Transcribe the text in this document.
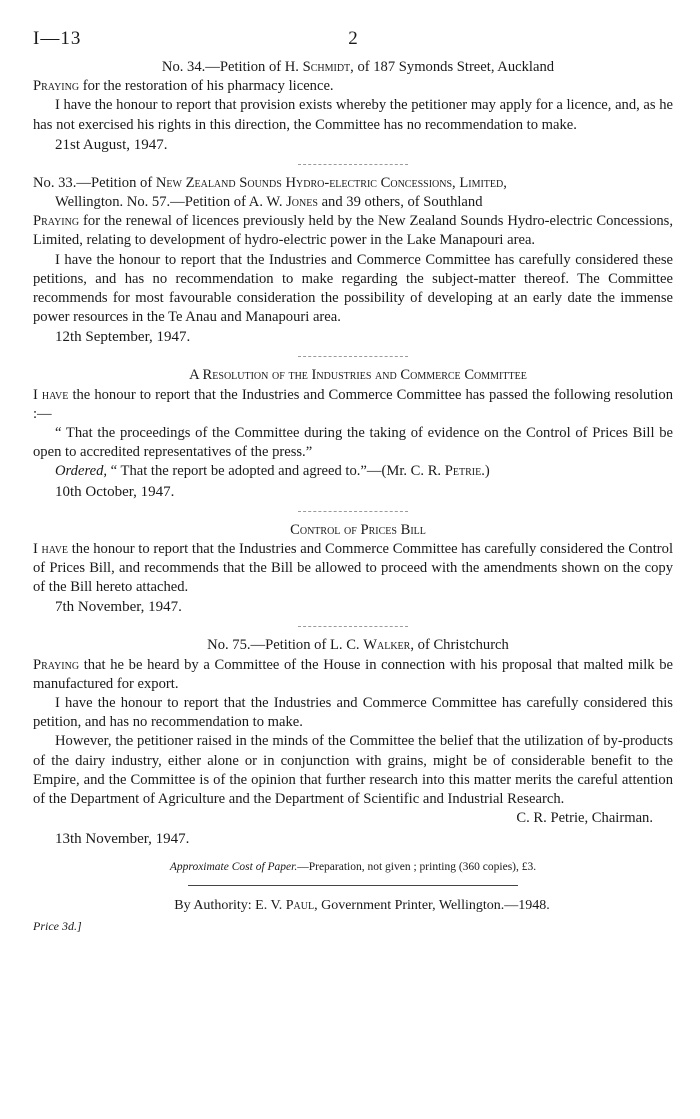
I—13	2

No. 34.—Petition of H. Schmidt, of 187 Symonds Street, Auckland

Praying for the restoration of his pharmacy licence.

I have the honour to report that provision exists whereby the petitioner may apply for a licence, and, as he has not exercised his rights in this direction, the Committee has no recommendation to make.

21st August, 1947.

No. 33.—Petition of New Zealand Sounds Hydro-electric Concessions, Limited,
Wellington. No. 57.—Petition of A. W. Jones and 39 others, of Southland

Praying for the renewal of licences previously held by the New Zealand Sounds Hydro-electric Concessions, Limited, relating to development of hydro-electric power in the Lake Manapouri area.

I have the honour to report that the Industries and Commerce Committee has carefully considered these petitions, and has no recommendation to make regarding the subject-matter thereof. The Committee recommends for most favourable consideration the possibility of developing at an early date the immense power resources in the Te Anau and Manapouri area.

12th September, 1947.

A Resolution of the Industries and Commerce Committee

I have the honour to report that the Industries and Commerce Committee has passed the following resolution :—

“ That the proceedings of the Committee during the taking of evidence on the Control of Prices Bill be open to accredited representatives of the press.”

Ordered, “ That the report be adopted and agreed to.”—(Mr. C. R. Petrie.)

10th October, 1947.

Control of Prices Bill

I have the honour to report that the Industries and Commerce Committee has carefully considered the Control of Prices Bill, and recommends that the Bill be allowed to proceed with the amendments shown on the copy of the Bill hereto attached.

7th November, 1947.

No. 75.—Petition of L. C. Walker, of Christchurch

Praying that he be heard by a Committee of the House in connection with his proposal that malted milk be manufactured for export.

I have the honour to report that the Industries and Commerce Committee has carefully considered this petition, and has no recommendation to make.

However, the petitioner raised in the minds of the Committee the belief that the utilization of by-products of the dairy industry, either alone or in conjunction with grains, might be of considerable benefit to the Empire, and the Committee is of the opinion that further research into this matter merits the careful attention of the Department of Agriculture and the Department of Scientific and Industrial Research.

C. R. Petrie, Chairman.

13th November, 1947.

Approximate Cost of Paper.—Preparation, not given ; printing (360 copies), £3.

By Authority: E. V. Paul, Government Printer, Wellington.—1948.

Price 3d.]
